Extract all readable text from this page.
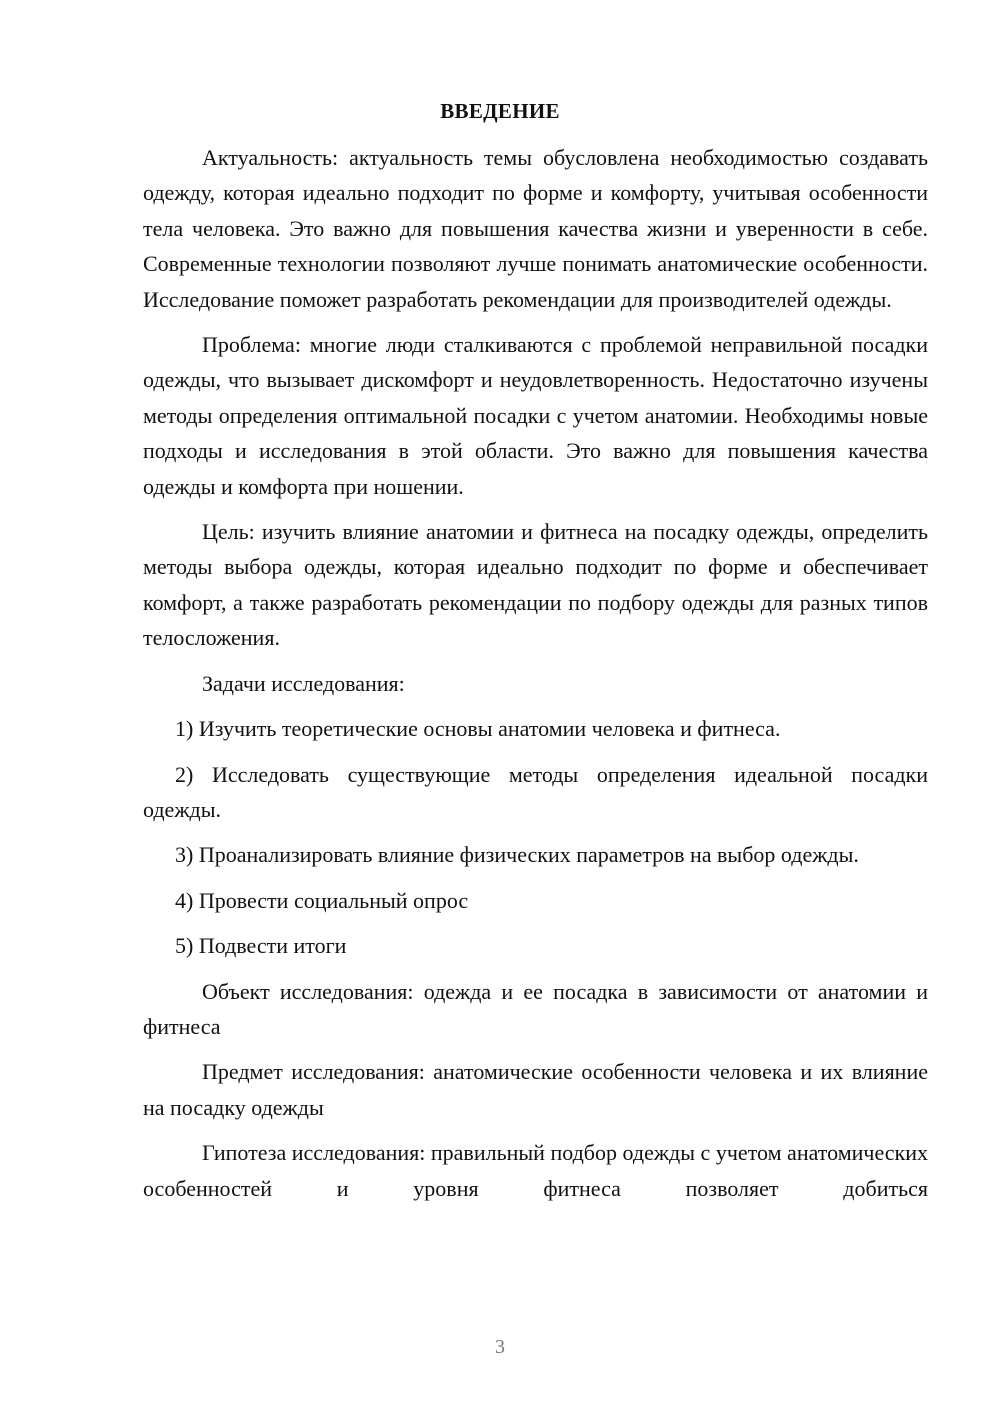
ВВЕДЕНИЕ

Актуальность: актуальность темы обусловлена необходимостью создавать одежду, которая идеально подходит по форме и комфорту, учитывая особенности тела человека. Это важно для повышения качества жизни и уверенности в себе. Современные технологии позволяют лучше понимать анатомические особенности. Исследование поможет разработать рекомендации для производителей одежды.

Проблема: многие люди сталкиваются с проблемой неправильной посадки одежды, что вызывает дискомфорт и неудовлетворенность. Недостаточно изучены методы определения оптимальной посадки с учетом анатомии. Необходимы новые подходы и исследования в этой области. Это важно для повышения качества одежды и комфорта при ношении.

Цель: изучить влияние анатомии и фитнеса на посадку одежды, определить методы выбора одежды, которая идеально подходит по форме и обеспечивает комфорт, а также разработать рекомендации по подбору одежды для разных типов телосложения.

Задачи исследования:

1) Изучить теоретические основы анатомии человека и фитнеса.

2) Исследовать существующие методы определения идеальной посадки одежды.

3) Проанализировать влияние физических параметров на выбор одежды.

4) Провести социальный опрос

5) Подвести итоги

Объект исследования: одежда и ее посадка в зависимости от анатомии и фитнеса

Предмет исследования: анатомические особенности человека и их влияние на посадку одежды

Гипотеза исследования: правильный подбор одежды с учетом анатомических особенностей и уровня фитнеса позволяет добиться

3
